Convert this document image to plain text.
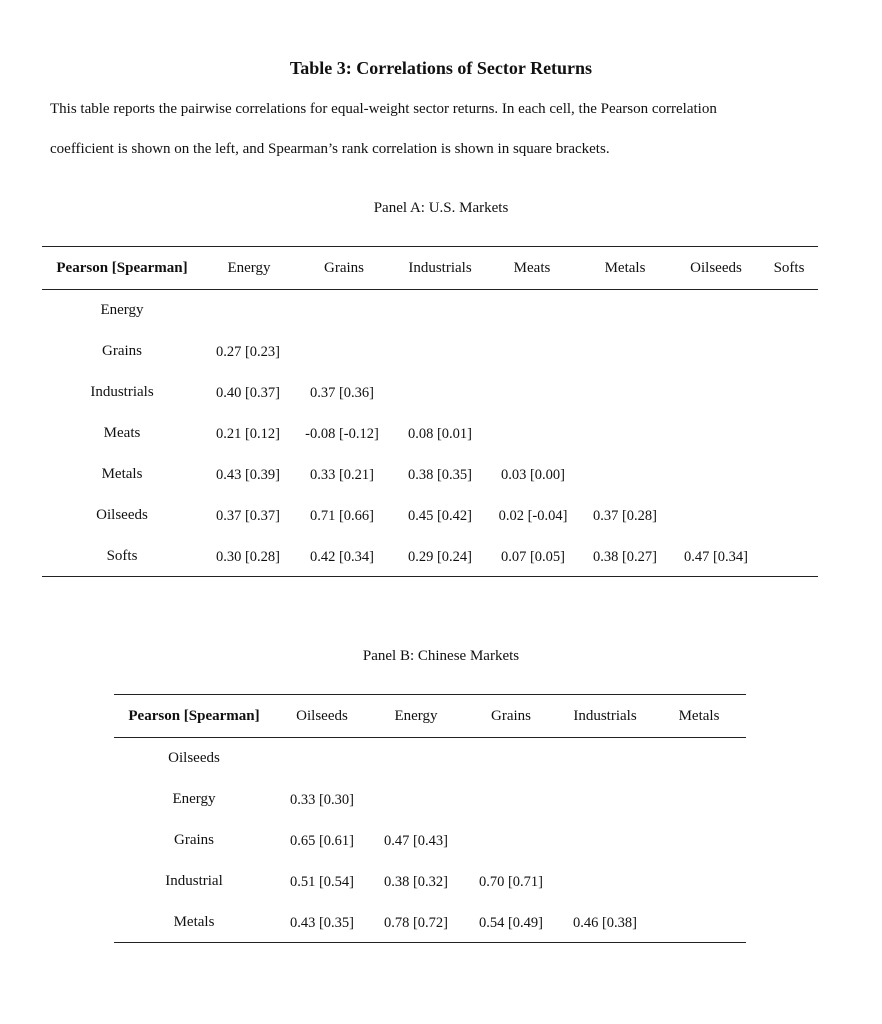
Table 3: Correlations of Sector Returns
This table reports the pairwise correlations for equal-weight sector returns. In each cell, the Pearson correlation
coefficient is shown on the left, and Spearman’s rank correlation is shown in square brackets.
Panel A: U.S. Markets
Pearson [Spearman]	Energy	Grains	Industrials	Meats	Metals	Oilseeds Softs
Energy
Grains	0.27 [0.23]
Industrials	0.40 [0.37] 0.37 [0.36]
Meats	0.21 [0.12] -0.08 [-0.12] 0.08 [0.01]
Metals	0.43 [0.39] 0.33 [0.21] 0.38 [0.35] 0.03 [0.00]
Oilseeds	0.37 [0.37] 0.71 [0.66] 0.45 [0.42] 0.02 [-0.04] 0.37 [0.28]
Softs	0.30 [0.28] 0.42 [0.34] 0.29 [0.24] 0.07 [0.05] 0.38 [0.27] 0.47 [0.34]
Panel B: Chinese Markets
Pearson [Spearman] Oilseeds	Energy	Grains	Industrials	Metals
Oilseeds
Energy	0.33 [0.30]
Grains	0.65 [0.61] 0.47 [0.43]
Industrial	0.51 [0.54] 0.38 [0.32] 0.70 [0.71]
Metals	0.43 [0.35] 0.78 [0.72] 0.54 [0.49] 0.46 [0.38]
